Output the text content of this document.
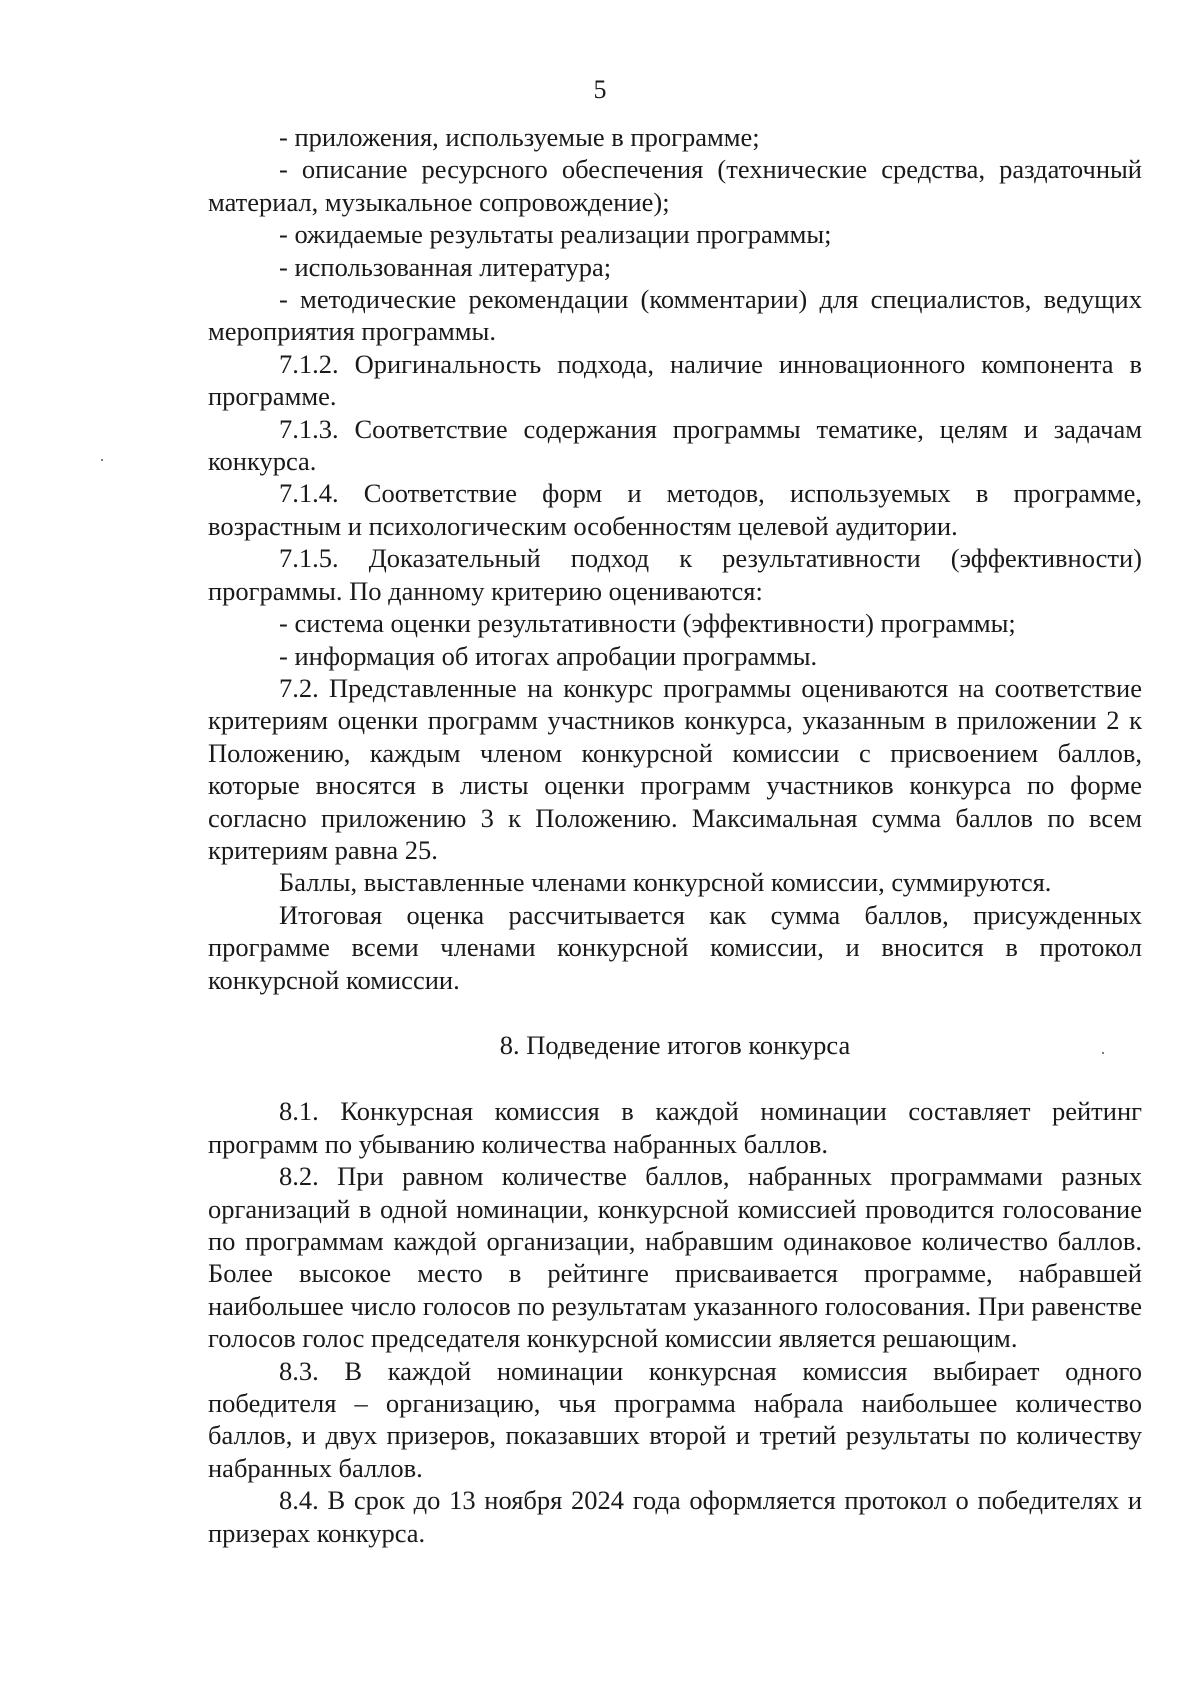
5

- приложения, используемые в программе;

- описание ресурсного обеспечения (технические средства, раздаточный материал, музыкальное сопровождение);

- ожидаемые результаты реализации программы;

- использованная литература;

- методические рекомендации (комментарии) для специалистов, ведущих мероприятия программы.

7.1.2. Оригинальность подхода, наличие инновационного компонента в программе.

7.1.3. Соответствие содержания программы тематике, целям и задачам конкурса.

7.1.4. Соответствие форм и методов, используемых в программе, возрастным и психологическим особенностям целевой аудитории.

7.1.5. Доказательный подход к результативности (эффективности) программы. По данному критерию оцениваются:

- система оценки результативности (эффективности) программы;

- информация об итогах апробации программы.

7.2. Представленные на конкурс программы оцениваются на соответствие критериям оценки программ участников конкурса, указанным в приложении 2 к Положению, каждым членом конкурсной комиссии с присвоением баллов, которые вносятся в листы оценки программ участников конкурса по форме согласно приложению 3 к Положению. Максимальная сумма баллов по всем критериям равна 25.

Баллы, выставленные членами конкурсной комиссии, суммируются.

Итоговая оценка рассчитывается как сумма баллов, присужденных программе всеми членами конкурсной комиссии, и вносится в протокол конкурсной комиссии.

8. Подведение итогов конкурса

8.1. Конкурсная комиссия в каждой номинации составляет рейтинг программ по убыванию количества набранных баллов.

8.2. При равном количестве баллов, набранных программами разных организаций в одной номинации, конкурсной комиссией проводится голосование по программам каждой организации, набравшим одинаковое количество баллов. Более высокое место в рейтинге присваивается программе, набравшей наибольшее число голосов по результатам указанного голосования. При равенстве голосов голос председателя конкурсной комиссии является решающим.

8.3. В каждой номинации конкурсная комиссия выбирает одного победителя – организацию, чья программа набрала наибольшее количество баллов, и двух призеров, показавших второй и третий результаты по количеству набранных баллов.

8.4. В срок до 13 ноября 2024 года оформляется протокол о победителях и призерах конкурса.
